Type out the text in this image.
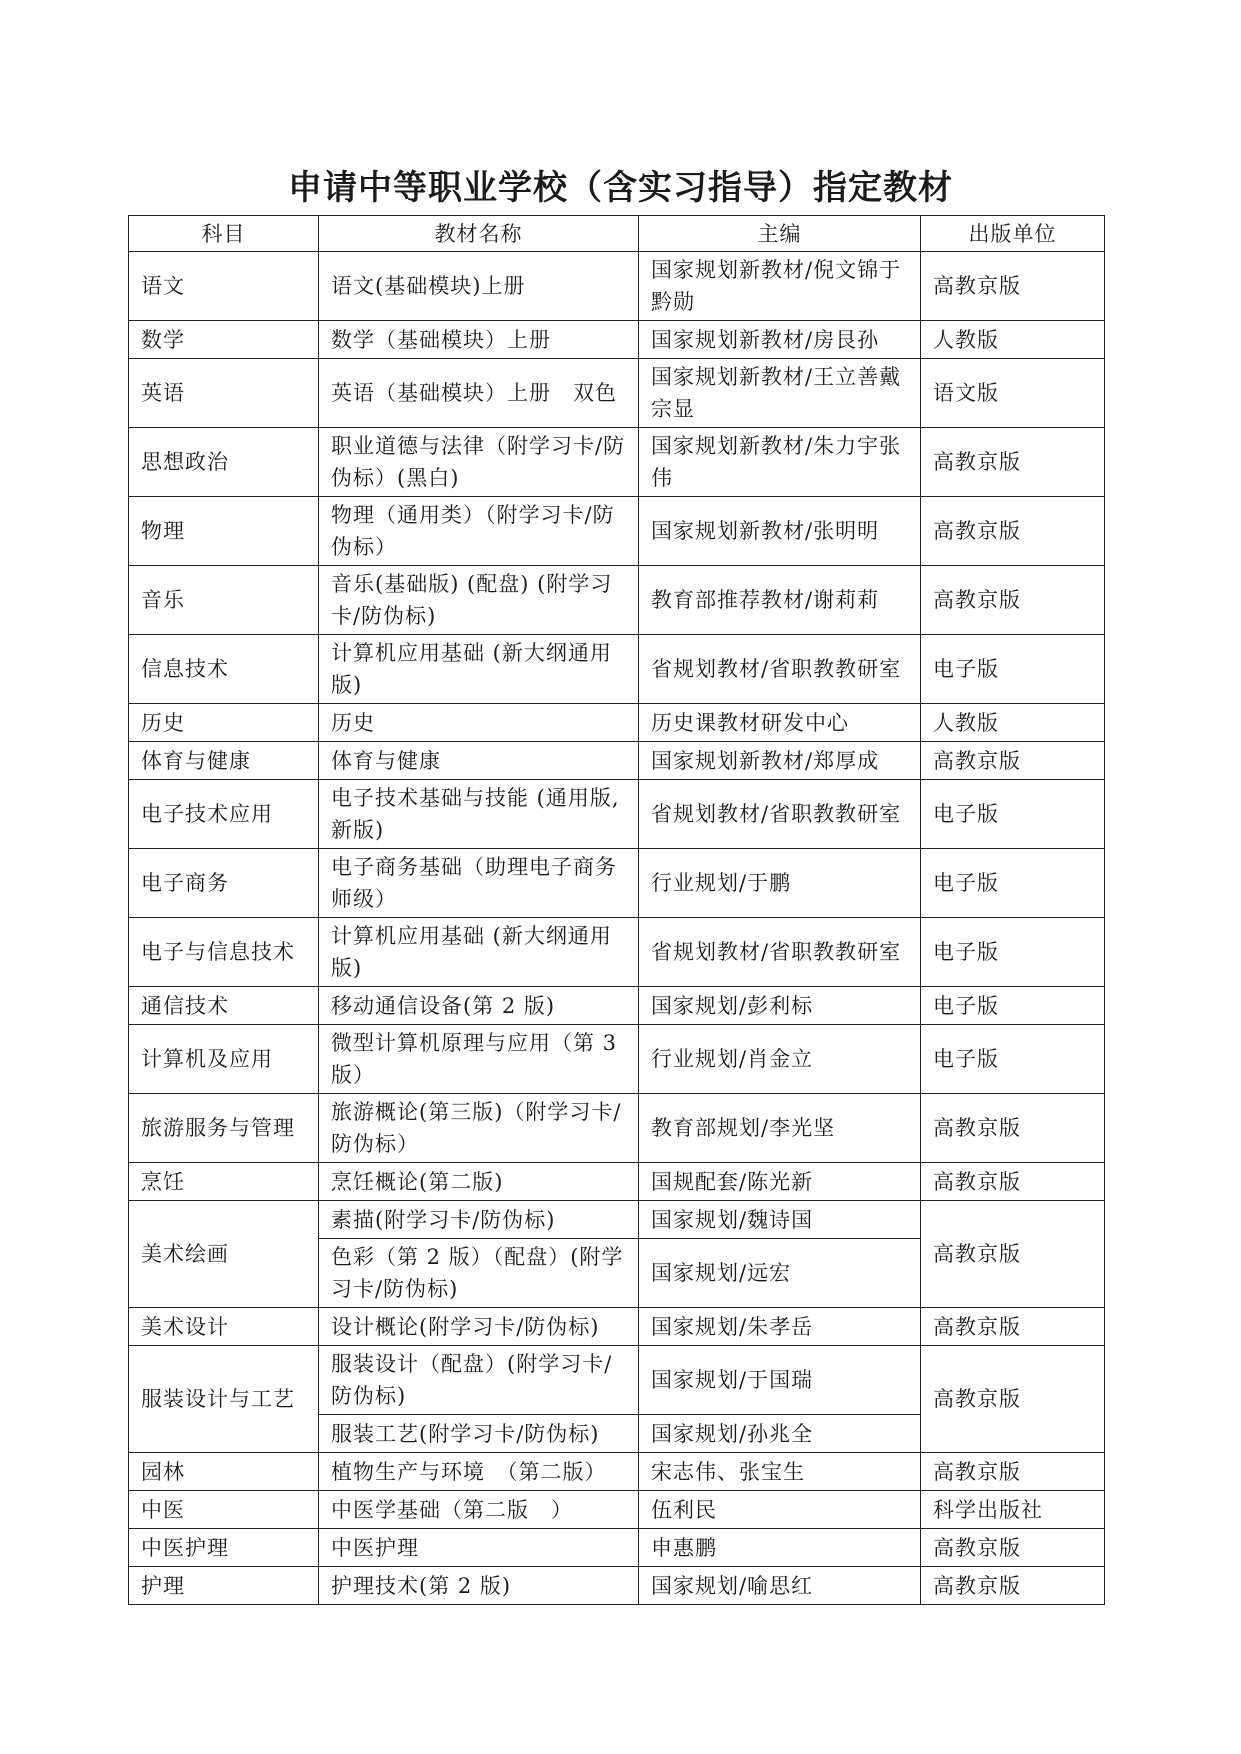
申请中等职业学校（含实习指导）指定教材
科目	教材名称	主编	出版单位
语文	语文(基础模块)上册	国家规划新教材/倪文锦于黔勋	高教京版
数学	数学（基础模块）上册	国家规划新教材/房艮孙	人教版
英语	英语（基础模块）上册　双色	国家规划新教材/王立善戴宗显	语文版
思想政治	职业道德与法律（附学习卡/防伪标）(黑白)	国家规划新教材/朱力宇张　伟	高教京版
物理	物理（通用类）（附学习卡/防伪标）	国家规划新教材/张明明	高教京版
音乐	音乐(基础版) (配盘) (附学习卡/防伪标)	教育部推荐教材/谢莉莉	高教京版
信息技术	计算机应用基础 (新大纲通用版)	省规划教材/省职教教研室	电子版
历史	历史	历史课教材研发中心	人教版
体育与健康	体育与健康	国家规划新教材/郑厚成	高教京版
电子技术应用	电子技术基础与技能 (通用版, 新版)	省规划教材/省职教教研室	电子版
电子商务	电子商务基础（助理电子商务师级）	行业规划/于鹏	电子版
电子与信息技术	计算机应用基础 (新大纲通用版)	省规划教材/省职教教研室	电子版
通信技术	移动通信设备(第 2 版)	国家规划/彭利标	电子版
计算机及应用	微型计算机原理与应用（第 3 版）	行业规划/肖金立	电子版
旅游服务与管理	旅游概论(第三版)（附学习卡/防伪标）	教育部规划/李光坚	高教京版
烹饪	烹饪概论(第二版)	国规配套/陈光新	高教京版
美术绘画	素描(附学习卡/防伪标)	国家规划/魏诗国	高教京版
	色彩（第 2 版）（配盘）(附学习卡/防伪标)	国家规划/远宏	
美术设计	设计概论(附学习卡/防伪标)	国家规划/朱孝岳	高教京版
服装设计与工艺	服装设计（配盘）(附学习卡/防伪标)	国家规划/于国瑞	高教京版
	服装工艺(附学习卡/防伪标)	国家规划/孙兆全	
园林	植物生产与环境　（第二版）	宋志伟、张宝生	高教京版
中医	中医学基础（第二版　）	伍利民	科学出版社
中医护理	中医护理	申惠鹏	高教京版
护理	护理技术(第 2 版)	国家规划/喻思红	高教京版
